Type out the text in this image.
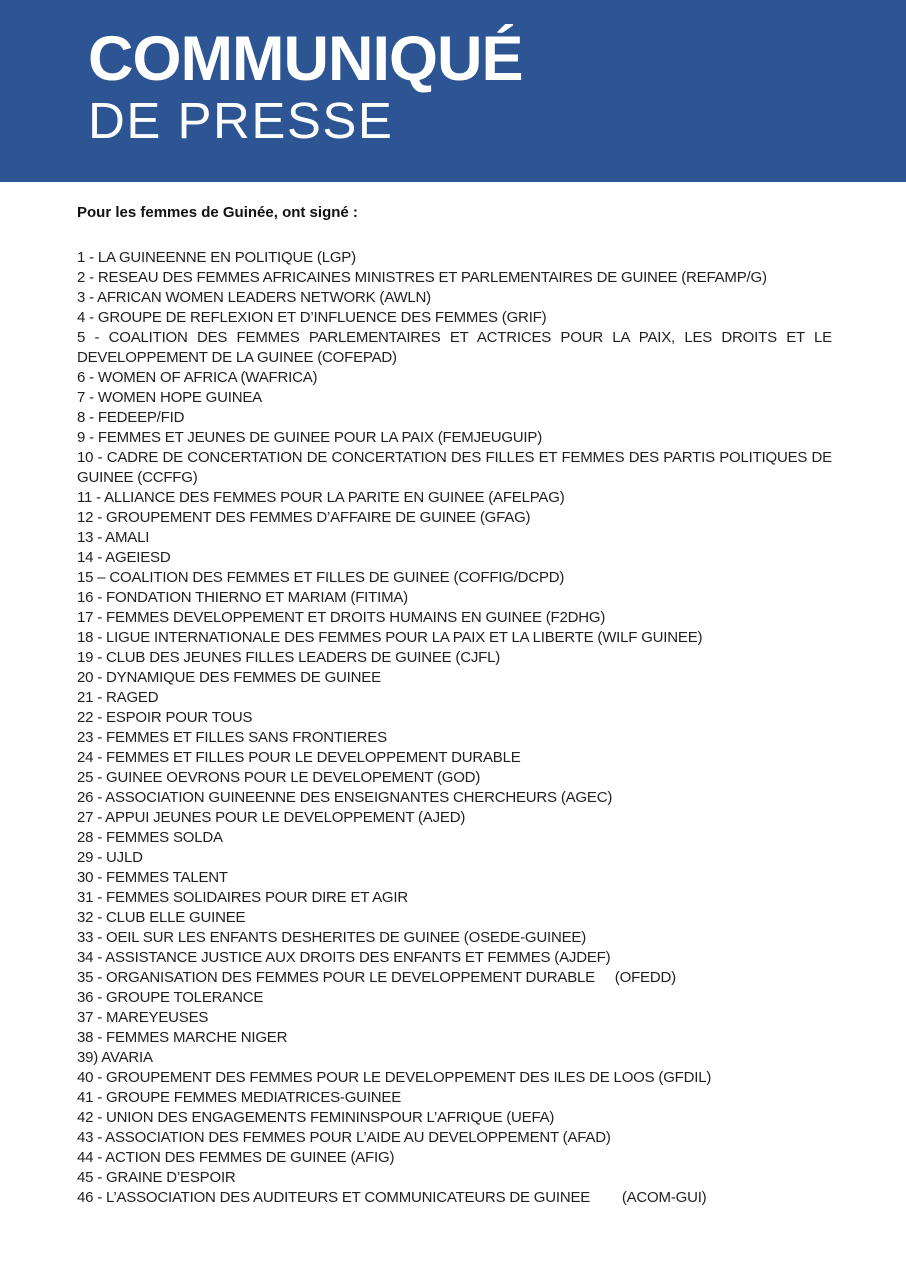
COMMUNIQUÉ
DE PRESSE

Pour les femmes de Guinée, ont signé :

1 - LA GUINEENNE EN POLITIQUE (LGP)
2 - RESEAU DES FEMMES AFRICAINES MINISTRES ET PARLEMENTAIRES DE GUINEE (REFAMP/G)
3 - AFRICAN WOMEN LEADERS NETWORK (AWLN)
4 - GROUPE DE REFLEXION ET D’INFLUENCE DES FEMMES (GRIF)
5 - COALITION DES FEMMES PARLEMENTAIRES ET ACTRICES POUR LA PAIX, LES DROITS ET LE DEVELOPPEMENT DE LA GUINEE (COFEPAD)
6 - WOMEN OF AFRICA (WAFRICA)
7 - WOMEN HOPE GUINEA
8 - FEDEEP/FID
9 - FEMMES ET JEUNES DE GUINEE POUR LA PAIX (FEMJEUGUIP)
10 - CADRE DE CONCERTATION DE CONCERTATION DES FILLES ET FEMMES DES PARTIS POLITIQUES DE GUINEE (CCFFG)
11 - ALLIANCE DES FEMMES POUR LA PARITE EN GUINEE (AFELPAG)
12 - GROUPEMENT DES FEMMES D’AFFAIRE DE GUINEE (GFAG)
13 - AMALI
14 - AGEIESD
15 – COALITION DES FEMMES ET FILLES DE GUINEE (COFFIG/DCPD)
16 - FONDATION THIERNO ET MARIAM (FITIMA)
17 - FEMMES DEVELOPPEMENT ET DROITS HUMAINS EN GUINEE (F2DHG)
18 - LIGUE INTERNATIONALE DES FEMMES POUR LA PAIX ET LA LIBERTE (WILF GUINEE)
19 - CLUB DES JEUNES FILLES LEADERS DE GUINEE (CJFL)
20 - DYNAMIQUE DES FEMMES DE GUINEE
21 - RAGED
22 - ESPOIR POUR TOUS
23 - FEMMES ET FILLES SANS FRONTIERES
24 - FEMMES ET FILLES POUR LE DEVELOPPEMENT DURABLE
25 - GUINEE OEVRONS POUR LE DEVELOPEMENT (GOD)
26 - ASSOCIATION GUINEENNE DES ENSEIGNANTES CHERCHEURS (AGEC)
27 - APPUI JEUNES POUR LE DEVELOPPEMENT (AJED)
28 - FEMMES SOLDA
29 - UJLD
30 - FEMMES TALENT
31 - FEMMES SOLIDAIRES POUR DIRE ET AGIR
32 - CLUB ELLE GUINEE
33 - OEIL SUR LES ENFANTS DESHERITES DE GUINEE (OSEDE-GUINEE)
34 - ASSISTANCE JUSTICE AUX DROITS DES ENFANTS ET FEMMES (AJDEF)
35 - ORGANISATION DES FEMMES POUR LE DEVELOPPEMENT DURABLE     (OFEDD)
36 - GROUPE TOLERANCE
37 - MAREYEUSES
38 - FEMMES MARCHE NIGER
39) AVARIA
40 - GROUPEMENT DES FEMMES POUR LE DEVELOPPEMENT DES ILES DE LOOS (GFDIL)
41 - GROUPE FEMMES MEDIATRICES-GUINEE
42 - UNION DES ENGAGEMENTS FEMININSPOUR L’AFRIQUE (UEFA)
43 - ASSOCIATION DES FEMMES POUR L’AIDE AU DEVELOPPEMENT (AFAD)
44 - ACTION DES FEMMES DE GUINEE (AFIG)
45 - GRAINE D’ESPOIR
46 - L’ASSOCIATION DES AUDITEURS ET COMMUNICATEURS DE GUINEE        (ACOM-GUI)
